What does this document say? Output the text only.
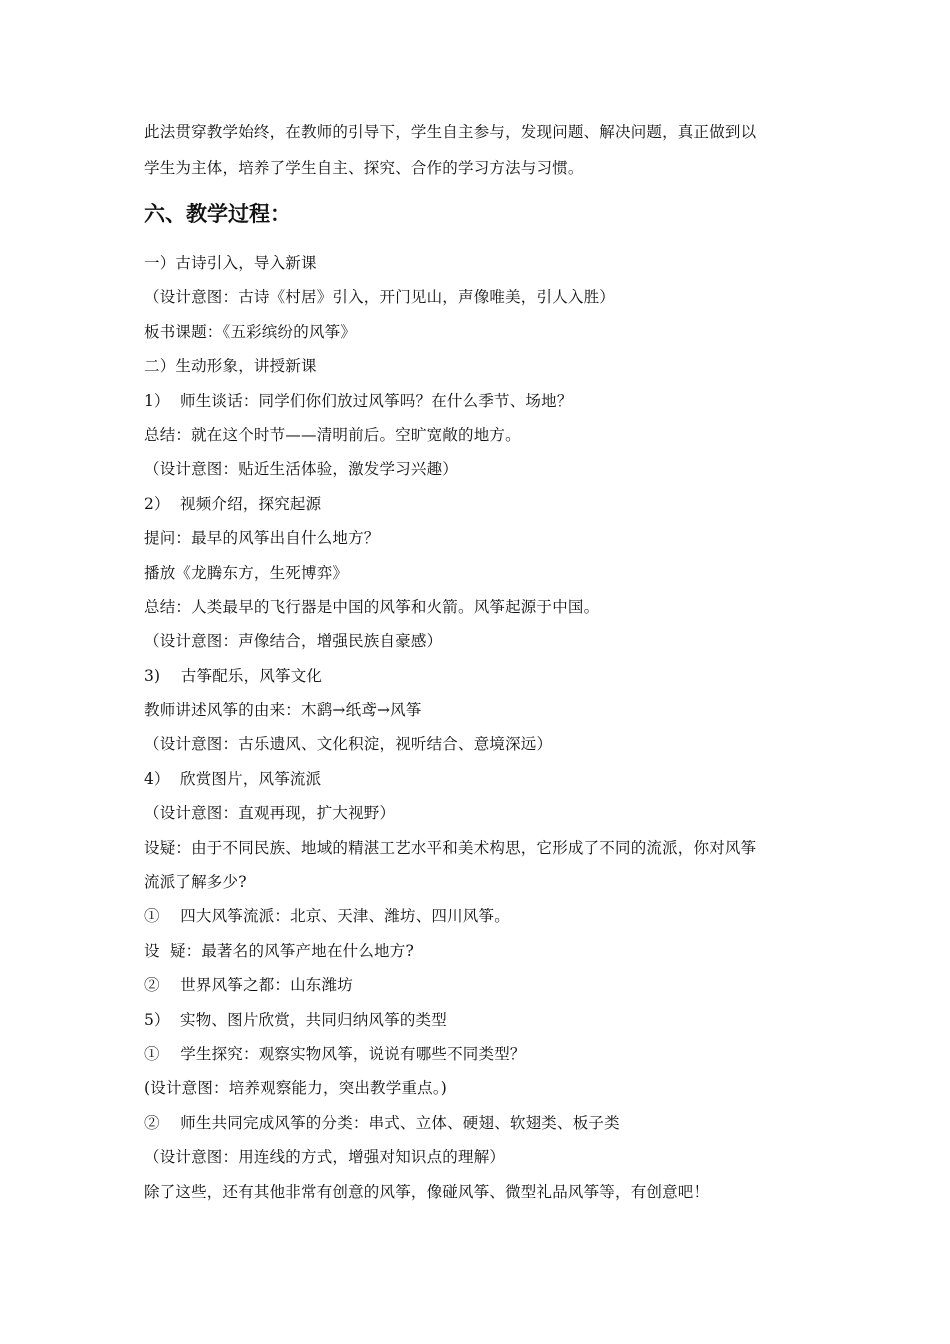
此法贯穿教学始终，在教师的引导下，学生自主参与，发现问题、解决问题，真正做到以

学生为主体，培养了学生自主、探究、合作的学习方法与习惯。

六、教学过程：

一）古诗引入，导入新课

（设计意图：古诗《村居》引入，开门见山，声像唯美，引人入胜）

板书课题：《五彩缤纷的风筝》

二）生动形象，讲授新课

1）  师生谈话：同学们你们放过风筝吗？在什么季节、场地？

总结：就在这个时节——清明前后。空旷宽敞的地方。

（设计意图：贴近生活体验，激发学习兴趣）

2）  视频介绍，探究起源

提问：最早的风筝出自什么地方？

播放《龙腾东方，生死博弈》

总结：人类最早的飞行器是中国的风筝和火箭。风筝起源于中国。

（设计意图：声像结合，增强民族自豪感）

3)    古筝配乐，风筝文化

教师讲述风筝的由来：木鹞→纸鸢→风筝

（设计意图：古乐遗风、文化积淀，视听结合、意境深远）

4）  欣赏图片，风筝流派

（设计意图：直观再现，扩大视野）

设疑：由于不同民族、地域的精湛工艺水平和美术构思，它形成了不同的流派，你对风筝

流派了解多少?

①    四大风筝流派：北京、天津、潍坊、四川风筝。

设  疑：最著名的风筝产地在什么地方?

②    世界风筝之都：山东潍坊

5）  实物、图片欣赏，共同归纳风筝的类型

①    学生探究：观察实物风筝，说说有哪些不同类型？

(设计意图：培养观察能力，突出教学重点。)

②    师生共同完成风筝的分类：串式、立体、硬翅、软翅类、板子类

（设计意图：用连线的方式，增强对知识点的理解）

除了这些，还有其他非常有创意的风筝，像碰风筝、微型礼品风筝等，有创意吧！
